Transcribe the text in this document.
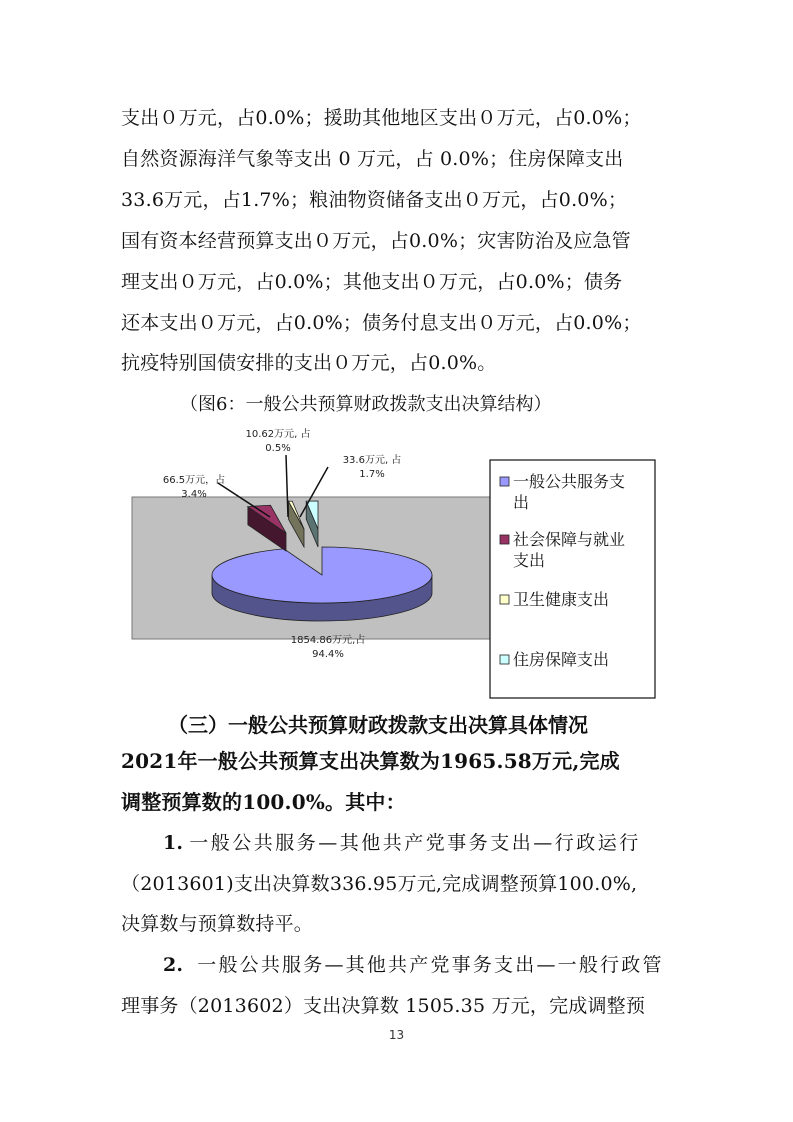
支出０万元，占0.0%；援助其他地区支出０万元，占0.0%；
自然资源海洋气象等支出 0 万元，占 0.0%；住房保障支出
33.6万元，占1.7%；粮油物资储备支出０万元，占0.0%；
国有资本经营预算支出０万元，占0.0%；灾害防治及应急管
理支出０万元，占0.0%；其他支出０万元，占0.0%；债务
还本支出０万元，占0.0%；债务付息支出０万元，占0.0%；
抗疫特别国债安排的支出０万元，占0.0%。
（图6：一般公共预算财政拨款支出决算结构）
1854.86万元,占
94.4%
66.5万元，占
3.4%
10.62万元, 占
0.5%
33.6万元, 占
1.7%	一般公共服务支
出
社会保障与就业
支出
卫生健康支出
住房保障支出
（三）一般公共预算财政拨款支出决算具体情况
2021年一般公共预算支出决算数为1965.58万元,完成
调整预算数的100.0%。其中：
1. 一般公共服务—其他共产党事务支出—行政运行
（2013601)支出决算数336.95万元,完成调整预算100.0%,
决算数与预算数持平。
2. 一般公共服务—其他共产党事务支出—一般行政管
理事务（2013602）支出决算数 1505.35 万元，完成调整预
13
